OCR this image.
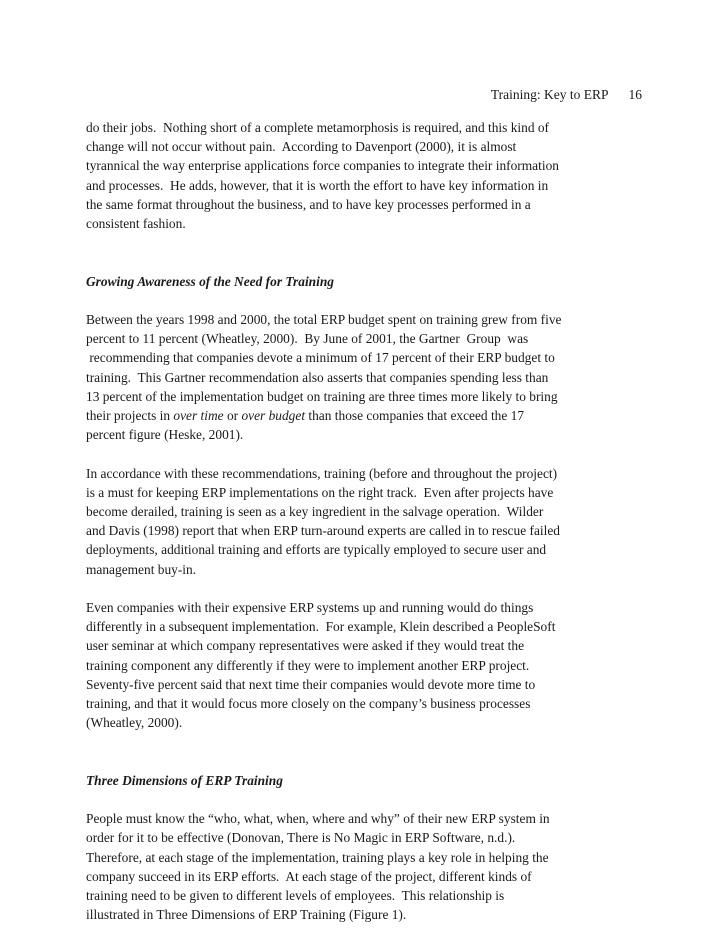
Training: Key to ERP 16

do their jobs.  Nothing short of a complete metamorphosis is required, and this kind of
change will not occur without pain.  According to Davenport (2000), it is almost
tyrannical the way enterprise applications force companies to integrate their information
and processes.  He adds, however, that it is worth the effort to have key information in
the same format throughout the business, and to have key processes performed in a
consistent fashion.

Growing Awareness of the Need for Training

Between the years 1998 and 2000, the total ERP budget spent on training grew from five
percent to 11 percent (Wheatley, 2000).  By June of 2001, the Gartner  Group  was
recommending that companies devote a minimum of 17 percent of their ERP budget to
training.  This Gartner recommendation also asserts that companies spending less than
13 percent of the implementation budget on training are three times more likely to bring
their projects in over time or over budget than those companies that exceed the 17
percent figure (Heske, 2001).

In accordance with these recommendations, training (before and throughout the project)
is a must for keeping ERP implementations on the right track.  Even after projects have
become derailed, training is seen as a key ingredient in the salvage operation.  Wilder
and Davis (1998) report that when ERP turn-around experts are called in to rescue failed
deployments, additional training and efforts are typically employed to secure user and
management buy-in.

Even companies with their expensive ERP systems up and running would do things
differently in a subsequent implementation.  For example, Klein described a PeopleSoft
user seminar at which company representatives were asked if they would treat the
training component any differently if they were to implement another ERP project.
Seventy-five percent said that next time their companies would devote more time to
training, and that it would focus more closely on the company’s business processes
(Wheatley, 2000).

Three Dimensions of ERP Training

People must know the “who, what, when, where and why” of their new ERP system in
order for it to be effective (Donovan, There is No Magic in ERP Software, n.d.).
Therefore, at each stage of the implementation, training plays a key role in helping the
company succeed in its ERP efforts.  At each stage of the project, different kinds of
training need to be given to different levels of employees.  This relationship is
illustrated in Three Dimensions of ERP Training (Figure 1).
